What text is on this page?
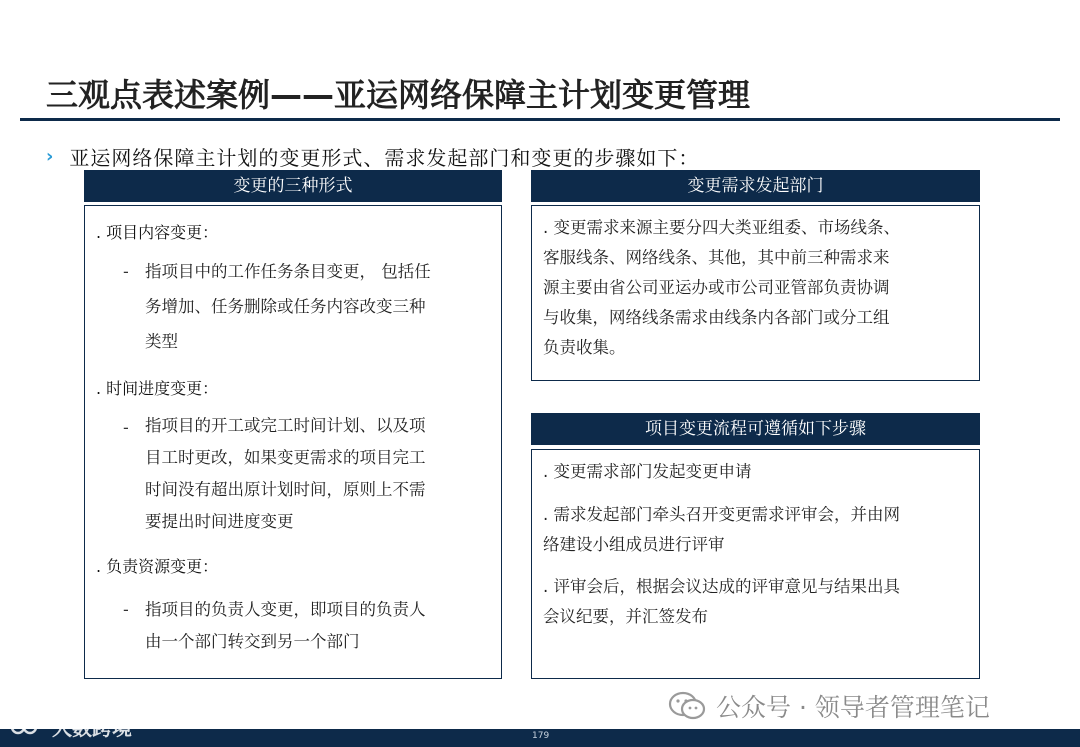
三观点表述案例——亚运网络保障主计划变更管理
› 亚运网络保障主计划的变更形式、需求发起部门和变更的步骤如下：
变更的三种形式
. 项目内容变更：
- 指项目中的工作任务条目变更， 包括任
务增加、任务删除或任务内容改变三种
类型
. 时间进度变更：
- 指项目的开工或完工时间计划、以及项
目工时更改，如果变更需求的项目完工
时间没有超出原计划时间，原则上不需
要提出时间进度变更
. 负责资源变更：
- 指项目的负责人变更，即项目的负责人
由一个部门转交到另一个部门
变更需求发起部门
. 变更需求来源主要分四大类亚组委、市场线条、
客服线条、网络线条、其他，其中前三种需求来
源主要由省公司亚运办或市公司亚管部负责协调
与收集，网络线条需求由线条内各部门或分工组
负责收集。
项目变更流程可遵循如下步骤
. 变更需求部门发起变更申请
. 需求发起部门牵头召开变更需求评审会，并由网
络建设小组成员进行评审
. 评审会后，根据会议达成的评审意见与结果出具
会议纪要，并汇签发布
179
大数跨境
公众号 · 领导者管理笔记
